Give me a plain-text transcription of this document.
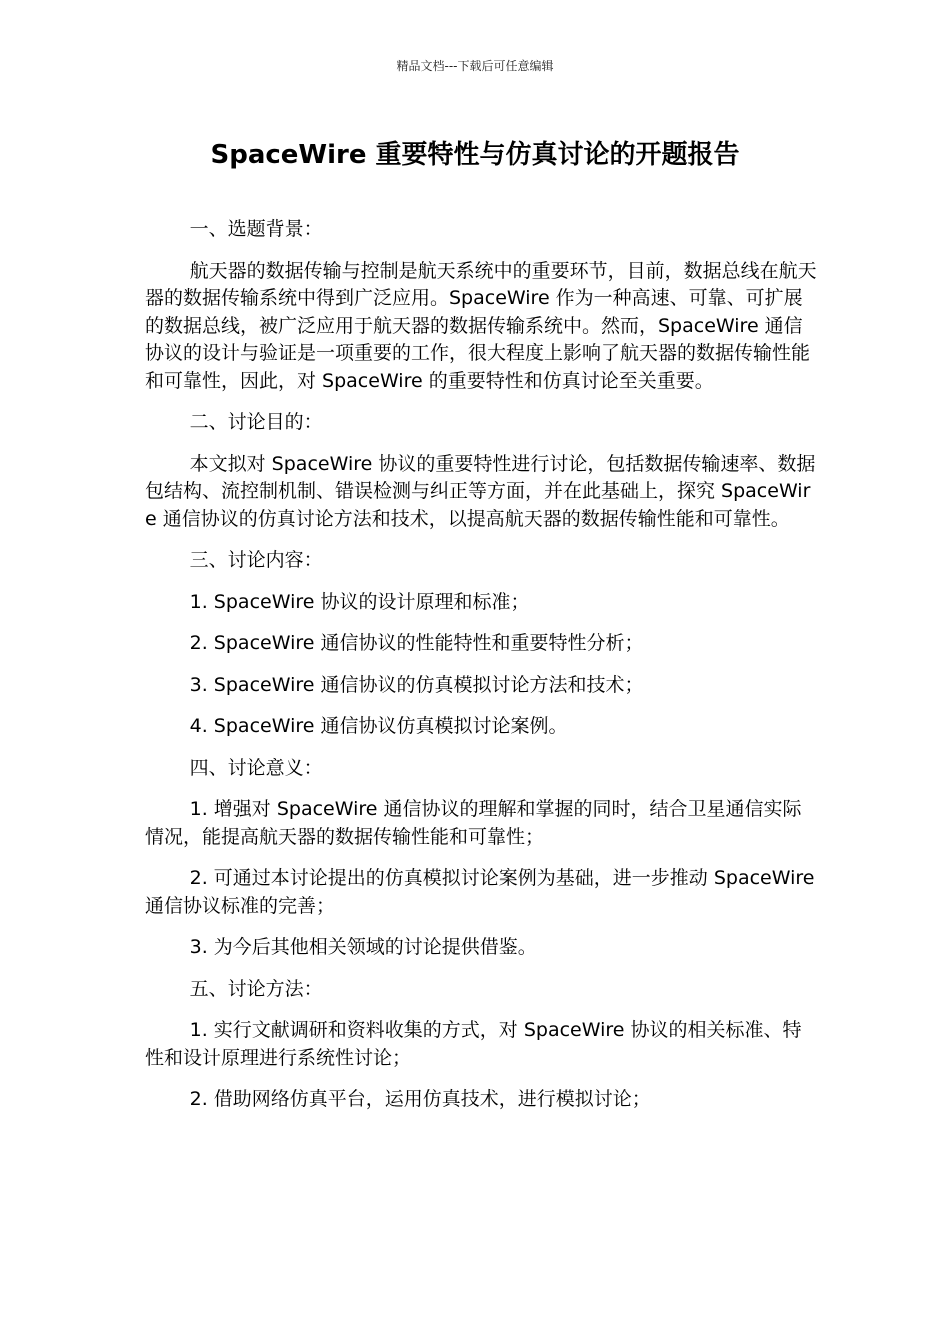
精品文档---下载后可任意编辑
SpaceWire 重要特性与仿真讨论的开题报告

一、选题背景：

航天器的数据传输与控制是航天系统中的重要环节，目前，数据总线在航天器的数据传输系统中得到广泛应用。SpaceWire 作为一种高速、可靠、可扩展的数据总线，被广泛应用于航天器的数据传输系统中。然而，SpaceWire 通信协议的设计与验证是一项重要的工作，很大程度上影响了航天器的数据传输性能和可靠性，因此，对 SpaceWire 的重要特性和仿真讨论至关重要。

二、讨论目的：

本文拟对 SpaceWire 协议的重要特性进行讨论，包括数据传输速率、数据包结构、流控制机制、错误检测与纠正等方面，并在此基础上，探究 SpaceWire 通信协议的仿真讨论方法和技术，以提高航天器的数据传输性能和可靠性。

三、讨论内容：

1. SpaceWire 协议的设计原理和标准；

2. SpaceWire 通信协议的性能特性和重要特性分析；

3. SpaceWire 通信协议的仿真模拟讨论方法和技术；

4. SpaceWire 通信协议仿真模拟讨论案例。

四、讨论意义：

1. 增强对 SpaceWire 通信协议的理解和掌握的同时，结合卫星通信实际情况，能提高航天器的数据传输性能和可靠性；

2. 可通过本讨论提出的仿真模拟讨论案例为基础，进一步推动 SpaceWire 通信协议标准的完善；

3. 为今后其他相关领域的讨论提供借鉴。

五、讨论方法：

1. 实行文献调研和资料收集的方式，对 SpaceWire 协议的相关标准、特性和设计原理进行系统性讨论；

2. 借助网络仿真平台，运用仿真技术，进行模拟讨论；
